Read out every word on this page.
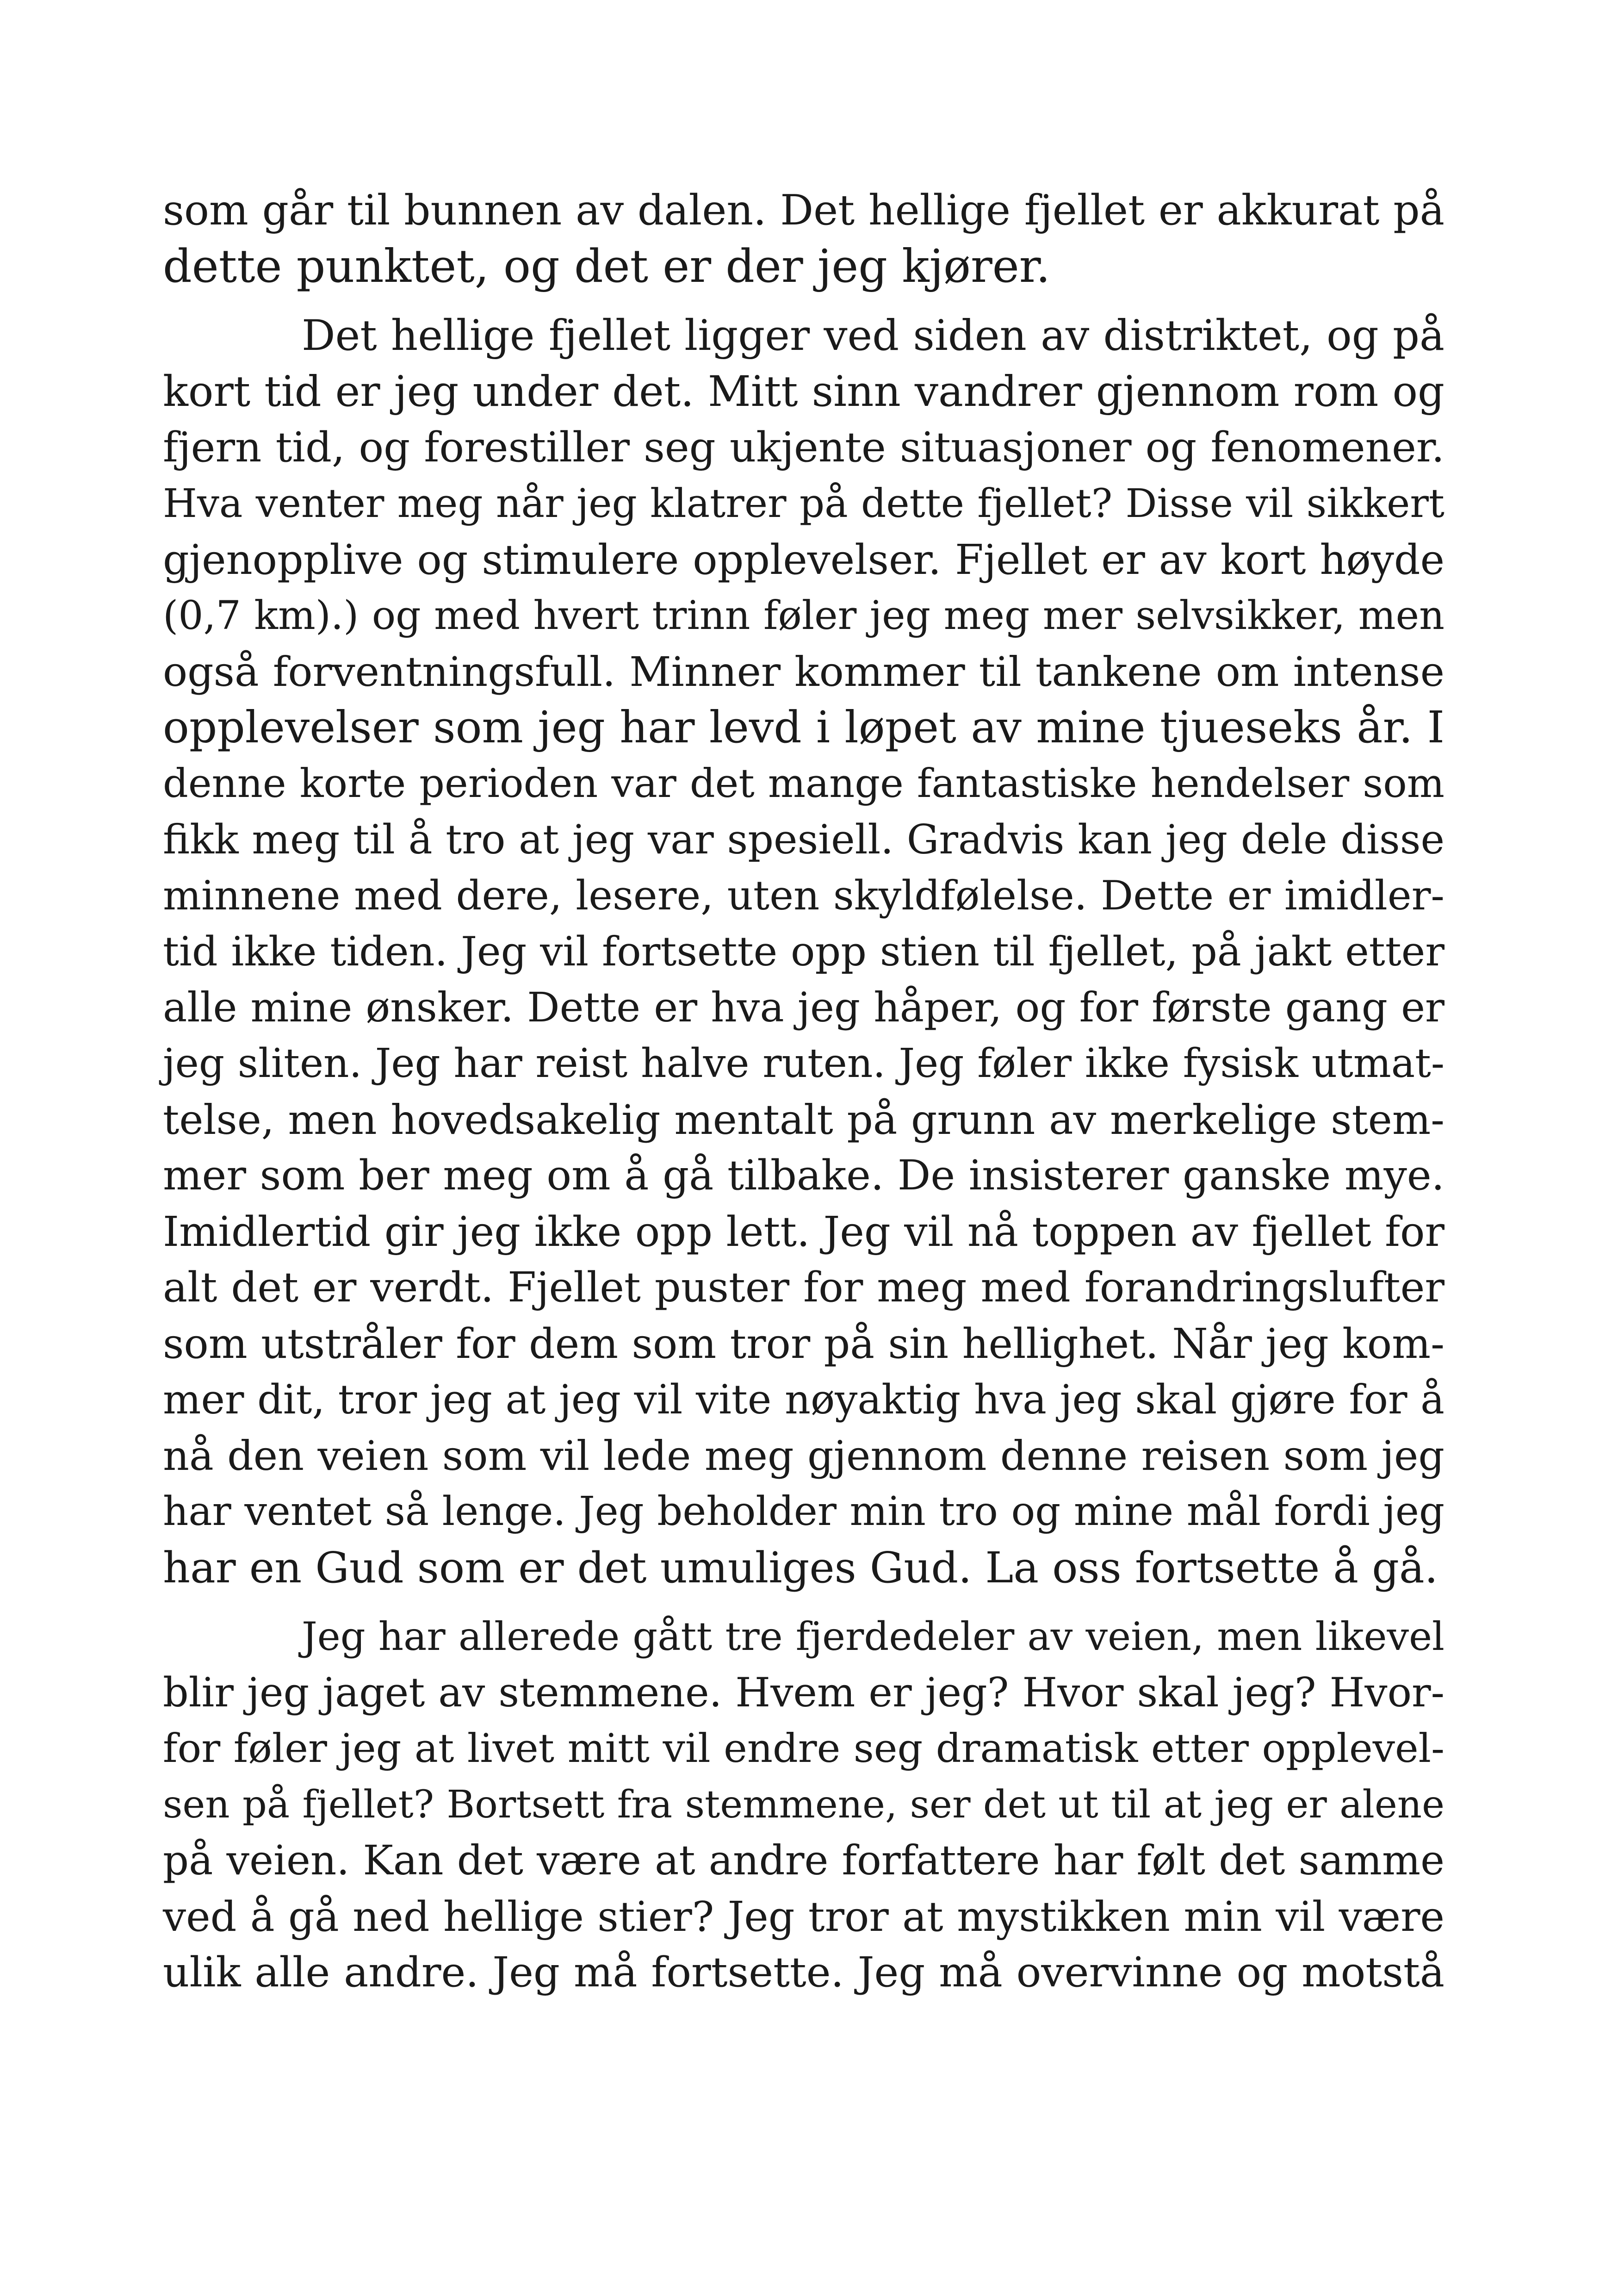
som går til bunnen av dalen. Det hellige fjellet er akkurat på
dette punktet, og det er der jeg kjører.
Det hellige fjellet ligger ved siden av distriktet, og på
kort tid er jeg under det. Mitt sinn vandrer gjennom rom og
fjern tid, og forestiller seg ukjente situasjoner og fenomener.
Hva venter meg når jeg klatrer på dette fjellet? Disse vil sikkert
gjenopplive og stimulere opplevelser. Fjellet er av kort høyde
(0,7 km).) og med hvert trinn føler jeg meg mer selvsikker, men
også forventningsfull. Minner kommer til tankene om intense
opplevelser som jeg har levd i løpet av mine tjueseks år. I
denne korte perioden var det mange fantastiske hendelser som
fikk meg til å tro at jeg var spesiell. Gradvis kan jeg dele disse
minnene med dere, lesere, uten skyldfølelse. Dette er imidler-
tid ikke tiden. Jeg vil fortsette opp stien til fjellet, på jakt etter
alle mine ønsker. Dette er hva jeg håper, og for første gang er
jeg sliten. Jeg har reist halve ruten. Jeg føler ikke fysisk utmat-
telse, men hovedsakelig mentalt på grunn av merkelige stem-
mer som ber meg om å gå tilbake. De insisterer ganske mye.
Imidlertid gir jeg ikke opp lett. Jeg vil nå toppen av fjellet for
alt det er verdt. Fjellet puster for meg med forandringslufter
som utstråler for dem som tror på sin hellighet. Når jeg kom-
mer dit, tror jeg at jeg vil vite nøyaktig hva jeg skal gjøre for å
nå den veien som vil lede meg gjennom denne reisen som jeg
har ventet så lenge. Jeg beholder min tro og mine mål fordi jeg
har en Gud som er det umuliges Gud. La oss fortsette å gå.
Jeg har allerede gått tre fjerdedeler av veien, men likevel
blir jeg jaget av stemmene. Hvem er jeg? Hvor skal jeg? Hvor-
for føler jeg at livet mitt vil endre seg dramatisk etter opplevel-
sen på fjellet? Bortsett fra stemmene, ser det ut til at jeg er alene
på veien. Kan det være at andre forfattere har følt det samme
ved å gå ned hellige stier? Jeg tror at mystikken min vil være
ulik alle andre. Jeg må fortsette. Jeg må overvinne og motstå
